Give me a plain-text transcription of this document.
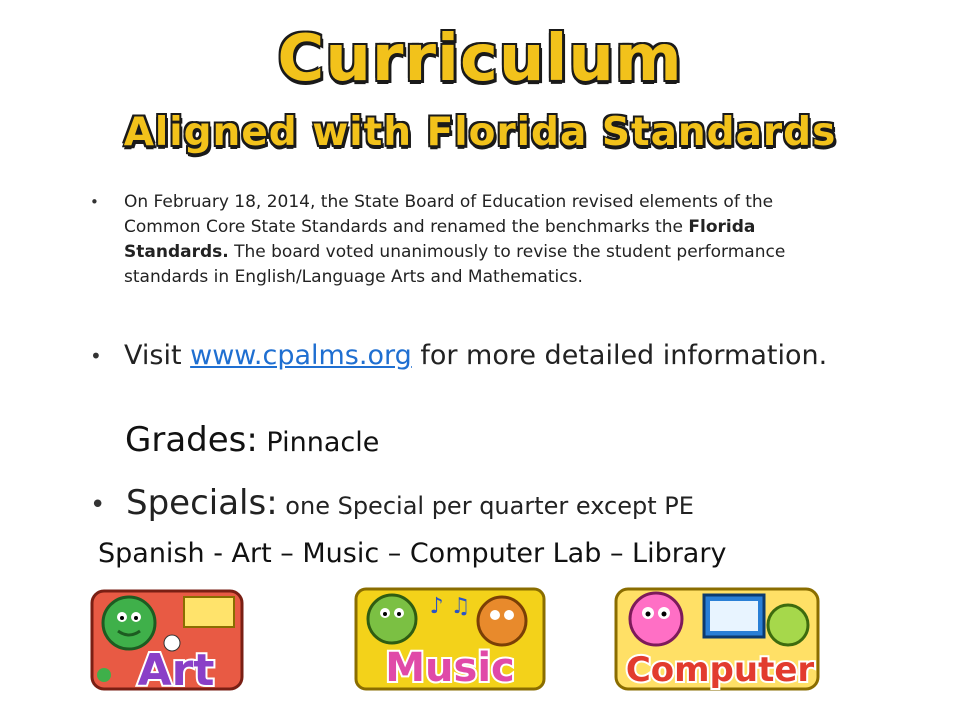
Curriculum
Aligned with Florida Standards
• On February 18, 2014, the State Board of Education revised elements of the Common Core State Standards and renamed the benchmarks the Florida Standards. The board voted unanimously to revise the student performance standards in English/Language Arts and Mathematics.
• Visit www.cpalms.org for more detailed information.
Grades: Pinnacle
• Specials: one Special per quarter except PE
Spanish - Art – Music – Computer Lab – Library
Art
♪ ♫
Music	Computer
